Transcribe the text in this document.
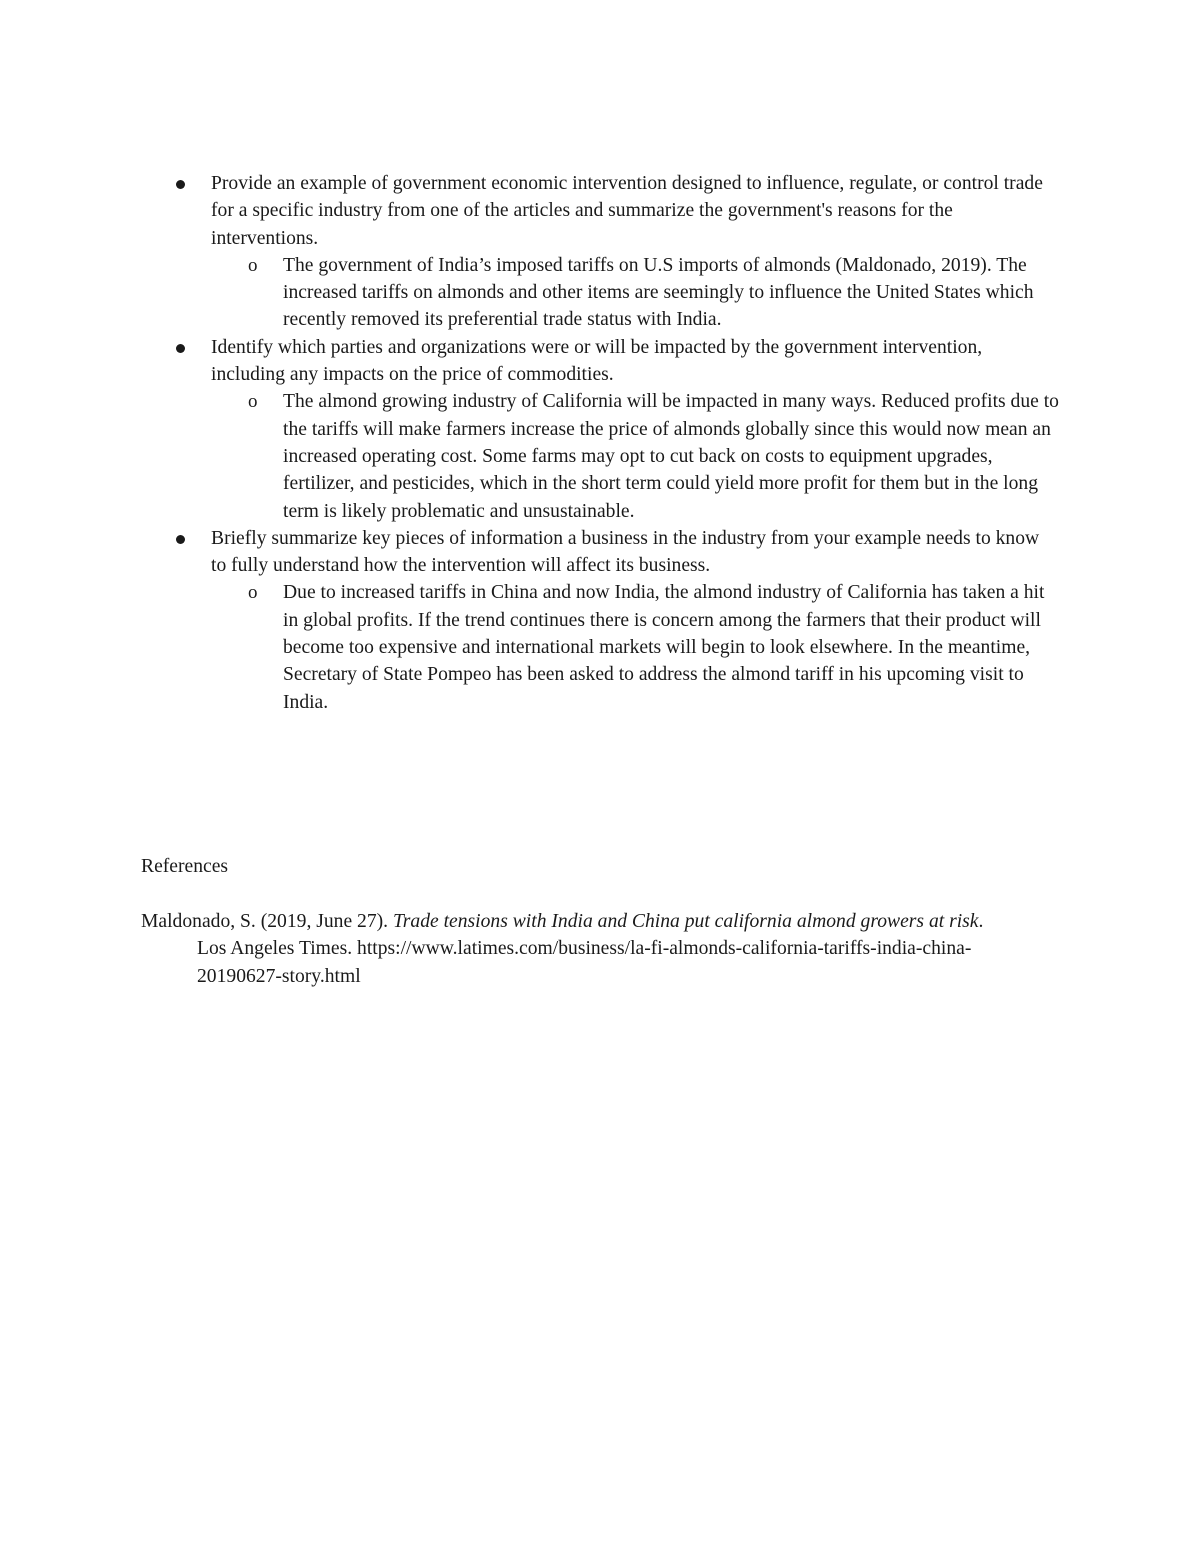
Provide an example of government economic intervention designed to influence, regulate, or control trade for a specific industry from one of the articles and summarize the government's reasons for the interventions.
o The government of India’s imposed tariffs on U.S imports of almonds (Maldonado, 2019). The increased tariffs on almonds and other items are seemingly to influence the United States which recently removed its preferential trade status with India.
Identify which parties and organizations were or will be impacted by the government intervention, including any impacts on the price of commodities.
o The almond growing industry of California will be impacted in many ways. Reduced profits due to the tariffs will make farmers increase the price of almonds globally since this would now mean an increased operating cost. Some farms may opt to cut back on costs to equipment upgrades, fertilizer, and pesticides, which in the short term could yield more profit for them but in the long term is likely problematic and unsustainable.
Briefly summarize key pieces of information a business in the industry from your example needs to know to fully understand how the intervention will affect its business.
o Due to increased tariffs in China and now India, the almond industry of California has taken a hit in global profits. If the trend continues there is concern among the farmers that their product will become too expensive and international markets will begin to look elsewhere. In the meantime, Secretary of State Pompeo has been asked to address the almond tariff in his upcoming visit to India.
References

Maldonado, S. (2019, June 27). Trade tensions with India and China put california almond growers at risk. Los Angeles Times. https://www.latimes.com/business/la-fi-almonds-california-tariffs-india-china-20190627-story.html
